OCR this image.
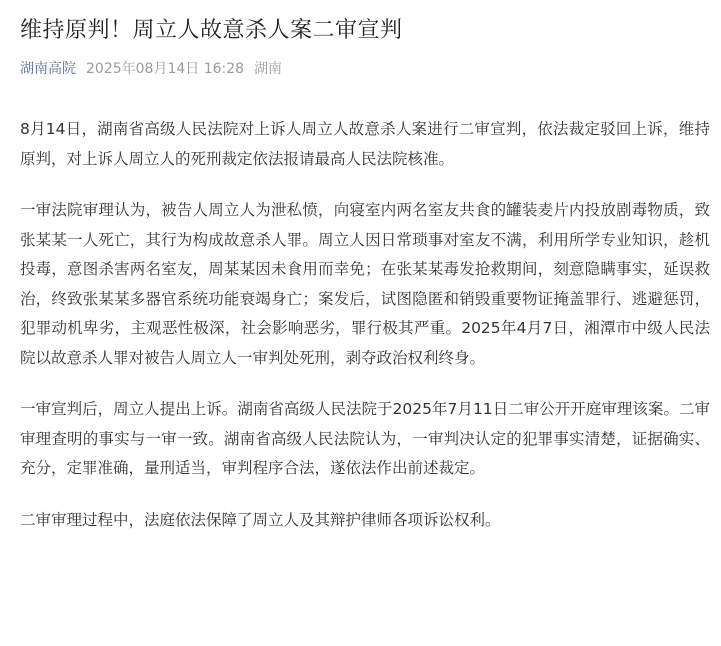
维持原判！周立人故意杀人案二审宣判
湖南高院 2025年08月14日 16:28 湖南

8月14日，湖南省高级人民法院对上诉人周立人故意杀人案进行二审宣判，依法裁定驳回上诉，维持原判，对上诉人周立人的死刑裁定依法报请最高人民法院核准。

一审法院审理认为，被告人周立人为泄私愤，向寝室内两名室友共食的罐装麦片内投放剧毒物质，致张某某一人死亡，其行为构成故意杀人罪。周立人因日常琐事对室友不满，利用所学专业知识，趁机投毒，意图杀害两名室友，周某某因未食用而幸免；在张某某毒发抢救期间，刻意隐瞒事实，延误救治，终致张某某多器官系统功能衰竭身亡；案发后，试图隐匿和销毁重要物证掩盖罪行、逃避惩罚，犯罪动机卑劣，主观恶性极深，社会影响恶劣，罪行极其严重。2025年4月7日，湘潭市中级人民法院以故意杀人罪对被告人周立人一审判处死刑，剥夺政治权利终身。

一审宣判后，周立人提出上诉。湖南省高级人民法院于2025年7月11日二审公开开庭审理该案。二审审理查明的事实与一审一致。湖南省高级人民法院认为，一审判决认定的犯罪事实清楚，证据确实、充分，定罪准确，量刑适当，审判程序合法，遂依法作出前述裁定。

二审审理过程中，法庭依法保障了周立人及其辩护律师各项诉讼权利。
